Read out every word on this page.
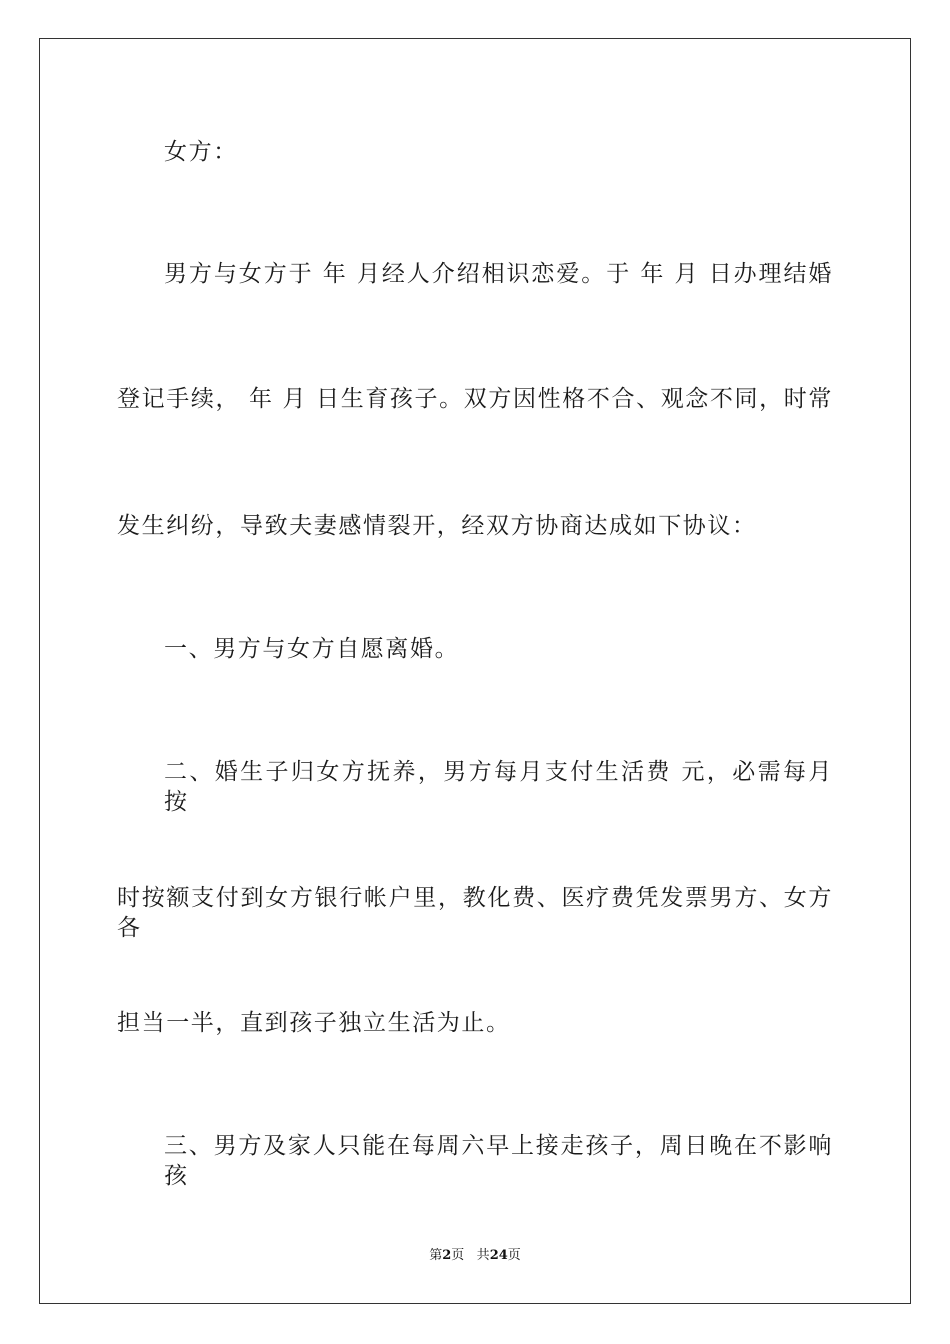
女方：
男方与女方于 年 月经人介绍相识恋爱。于 年 月 日办理结婚
登记手续， 年 月 日生育孩子。双方因性格不合、观念不同，时常
发生纠纷，导致夫妻感情裂开，经双方协商达成如下协议：
一、男方与女方自愿离婚。
二、婚生子归女方抚养，男方每月支付生活费 元，必需每月按
时按额支付到女方银行帐户里，教化费、医疗费凭发票男方、女方各
担当一半，直到孩子独立生活为止。
三、男方及家人只能在每周六早上接走孩子，周日晚在不影响孩
第2页 共24页
